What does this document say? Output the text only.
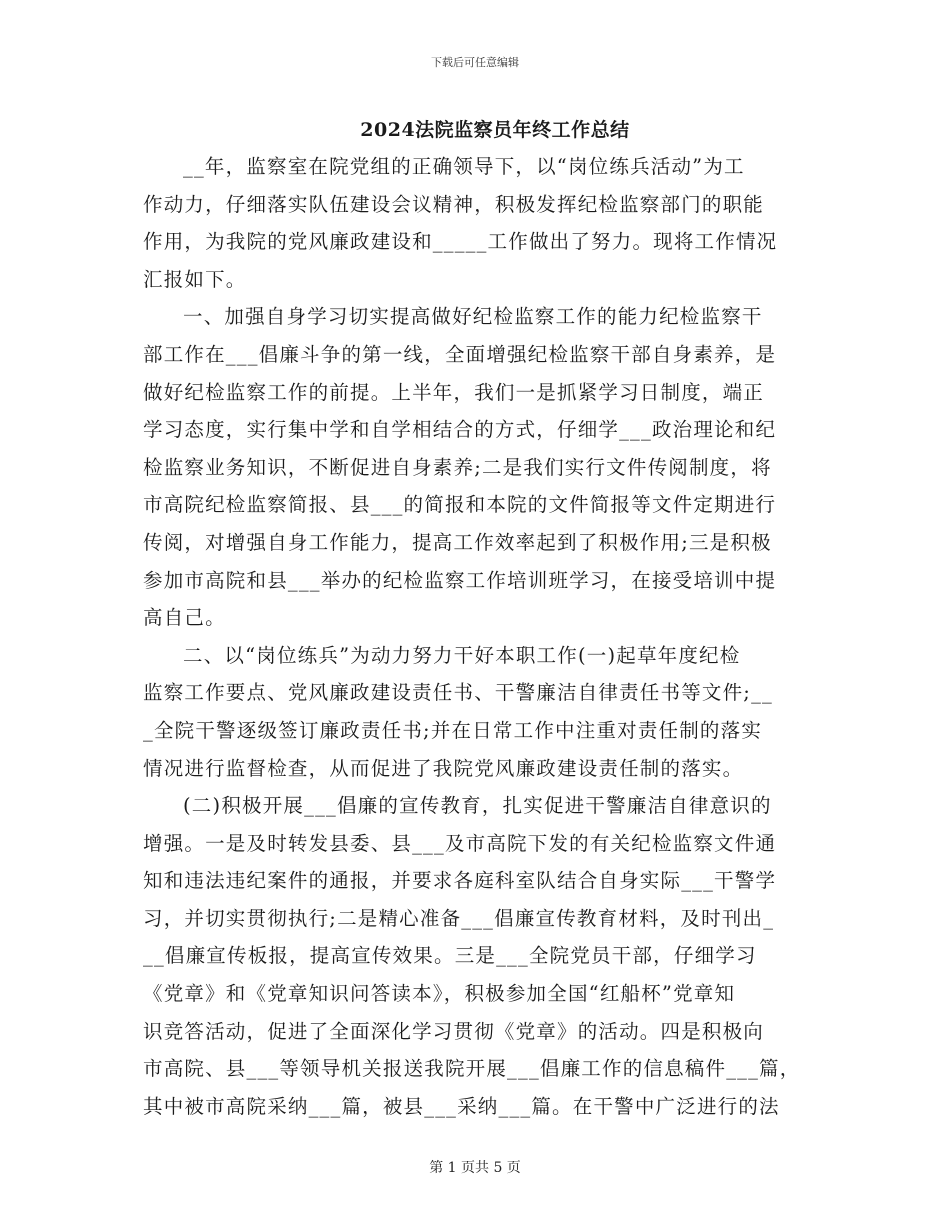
下载后可任意编辑
2024法院监察员年终工作总结
__年，监察室在院党组的正确领导下，以“岗位练兵活动”为工
作动力，仔细落实队伍建设会议精神，积极发挥纪检监察部门的职能
作用，为我院的党风廉政建设和_____工作做出了努力。现将工作情况
汇报如下。
一、加强自身学习切实提高做好纪检监察工作的能力纪检监察干
部工作在___倡廉斗争的第一线，全面增强纪检监察干部自身素养，是
做好纪检监察工作的前提。上半年，我们一是抓紧学习日制度，端正
学习态度，实行集中学和自学相结合的方式，仔细学___政治理论和纪
检监察业务知识，不断促进自身素养;二是我们实行文件传阅制度，将
市高院纪检监察简报、县___的简报和本院的文件简报等文件定期进行
传阅，对增强自身工作能力，提高工作效率起到了积极作用;三是积极
参加市高院和县___举办的纪检监察工作培训班学习，在接受培训中提
高自己。
二、以“岗位练兵”为动力努力干好本职工作(一)起草年度纪检
监察工作要点、党风廉政建设责任书、干警廉洁自律责任书等文件;__
_全院干警逐级签订廉政责任书;并在日常工作中注重对责任制的落实
情况进行监督检查，从而促进了我院党风廉政建设责任制的落实。
(二)积极开展___倡廉的宣传教育，扎实促进干警廉洁自律意识的
增强。一是及时转发县委、县___及市高院下发的有关纪检监察文件通
知和违法违纪案件的通报，并要求各庭科室队结合自身实际___干警学
习，并切实贯彻执行;二是精心准备___倡廉宣传教育材料，及时刊出_
__倡廉宣传板报，提高宣传效果。三是___全院党员干部，仔细学习
《党章》和《党章知识问答读本》，积极参加全国“红船杯”党章知
识竞答活动，促进了全面深化学习贯彻《党章》的活动。四是积极向
市高院、县___等领导机关报送我院开展___倡廉工作的信息稿件___篇，
其中被市高院采纳___篇，被县___采纳___篇。在干警中广泛进行的法
第 1 页共 5 页
